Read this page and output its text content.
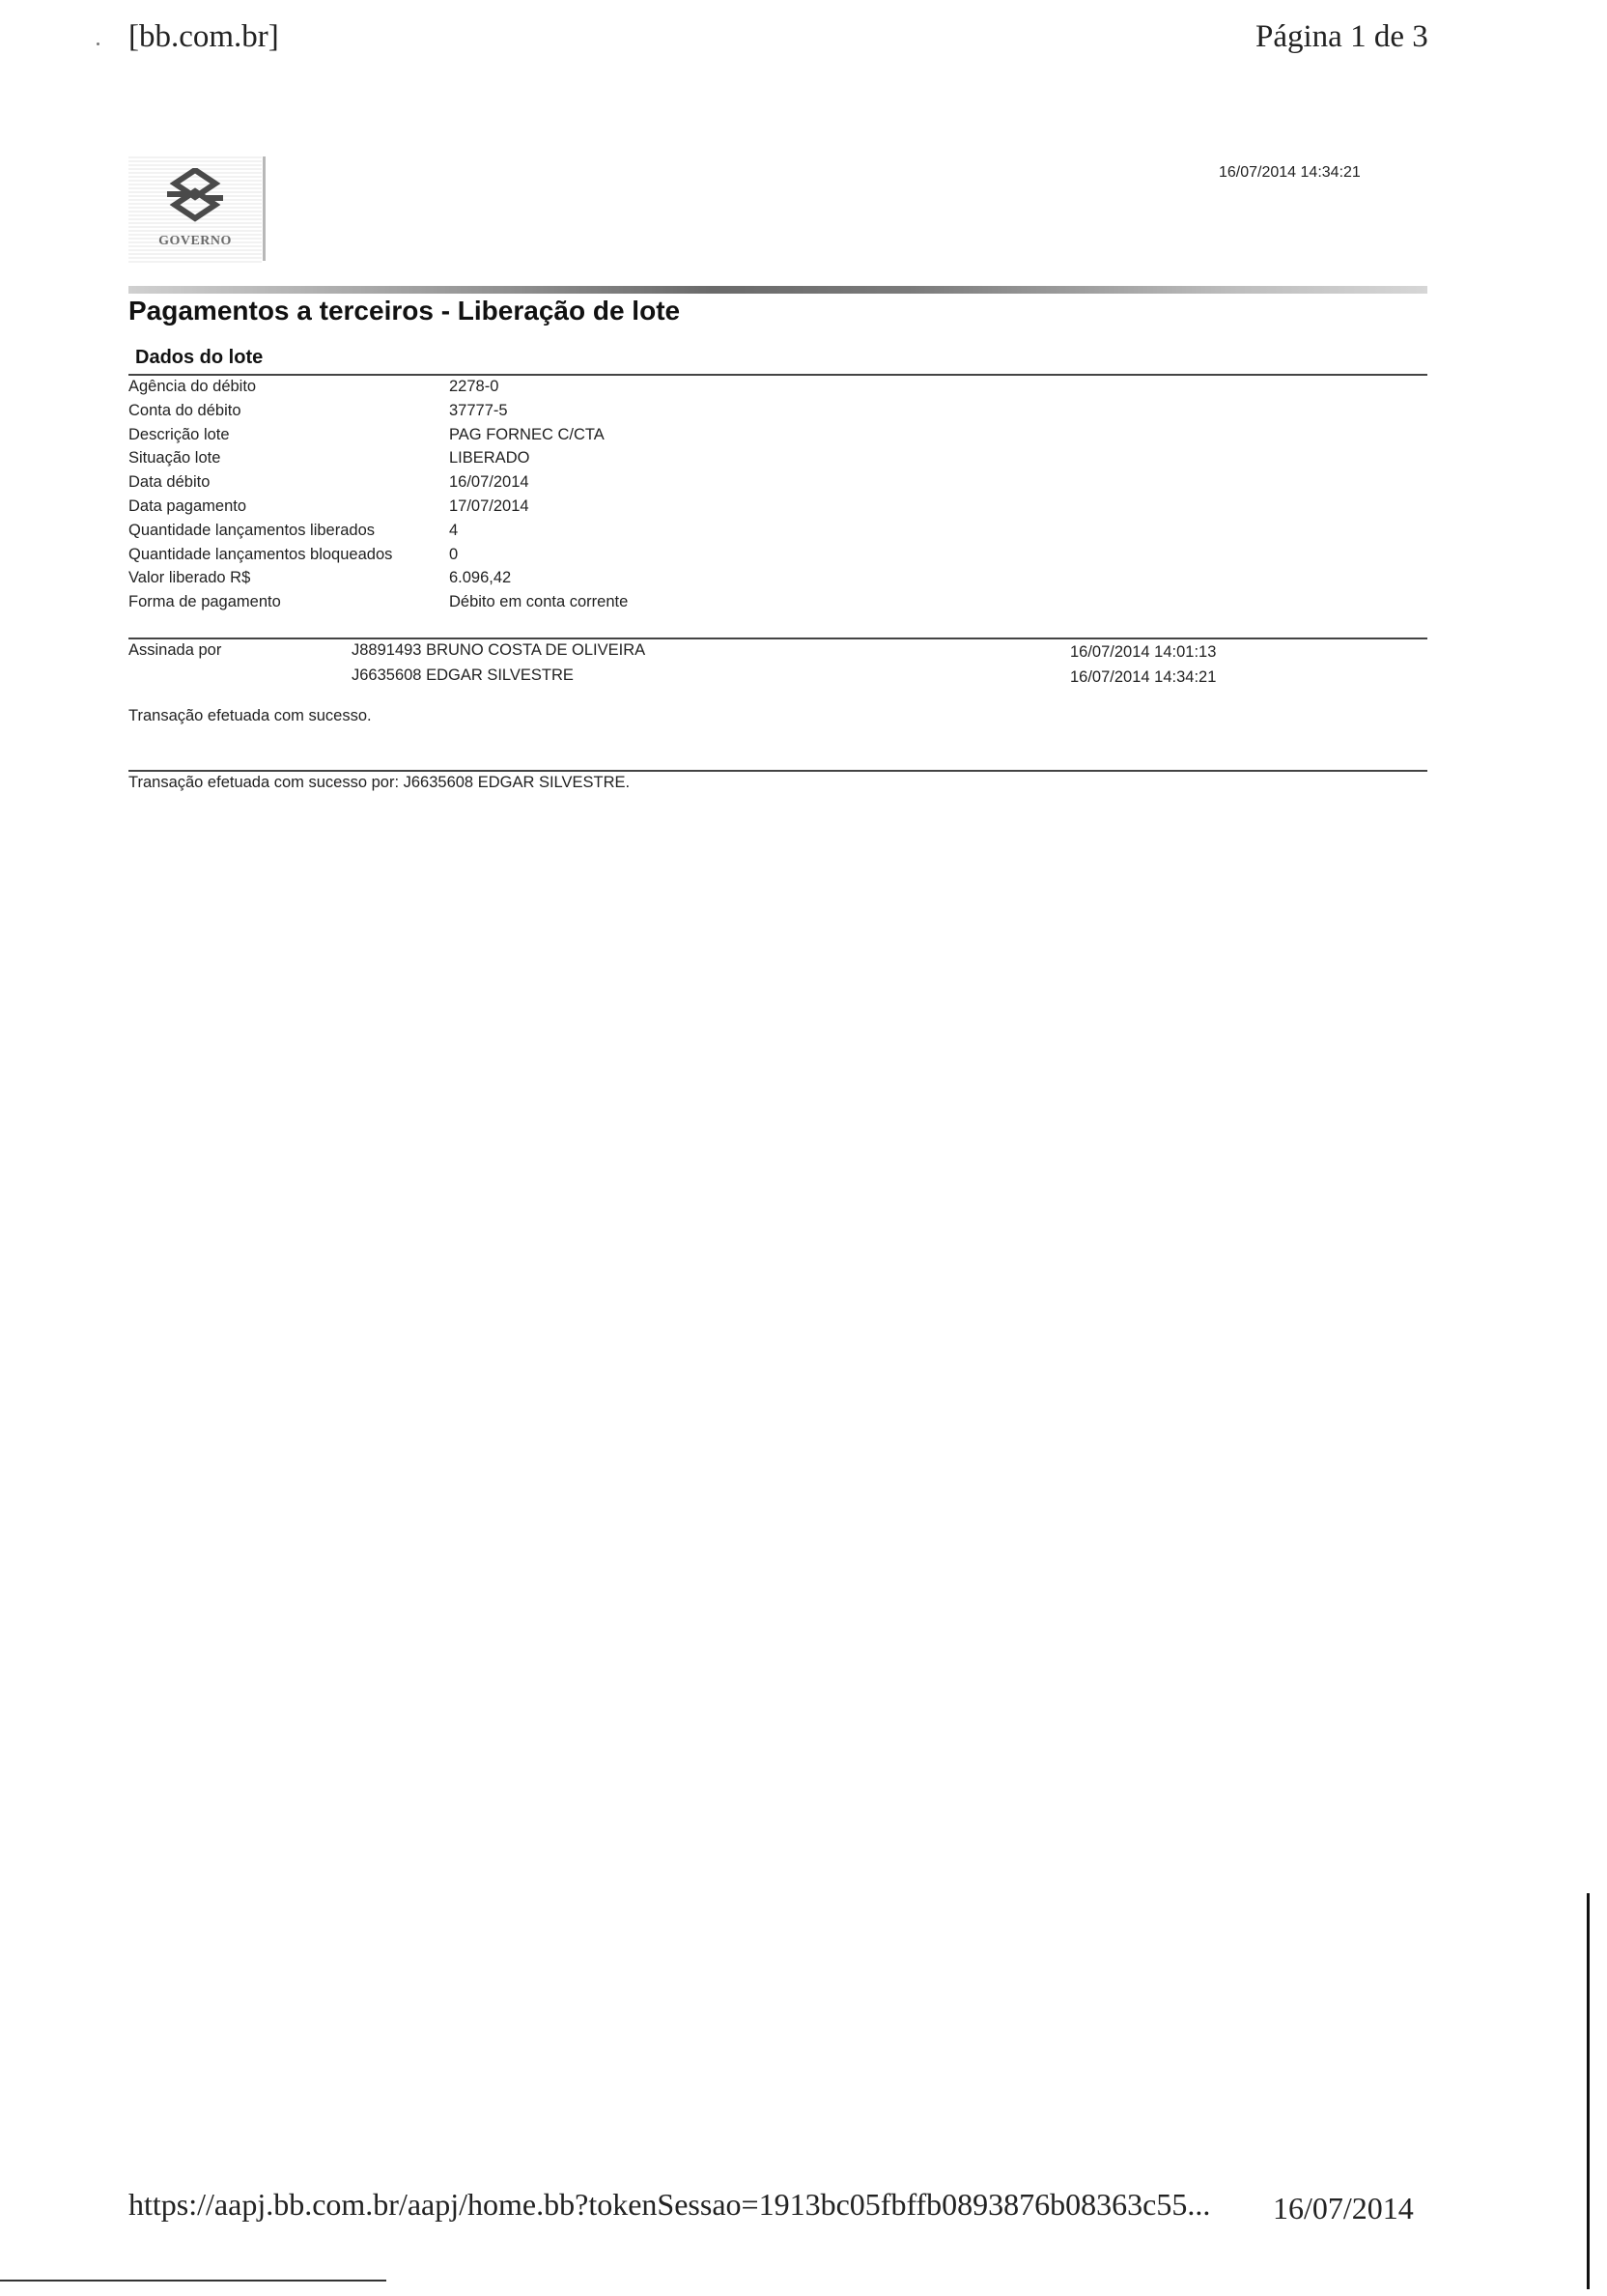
[bb.com.br]	Página 1 de 3
GOVERNO
16/07/2014 14:34:21
Pagamentos a terceiros - Liberação de lote
Dados do lote
Agência do débito	2278-0
Conta do débito	37777-5
Descrição lote	PAG FORNEC C/CTA
Situação lote	LIBERADO
Data débito	16/07/2014
Data pagamento	17/07/2014
Quantidade lançamentos liberados	4
Quantidade lançamentos bloqueados	0
Valor liberado R$	6.096,42
Forma de pagamento	Débito em conta corrente
Assinada por	J8891493 BRUNO COSTA DE OLIVEIRA	16/07/2014 14:01:13
J6635608 EDGAR SILVESTRE	16/07/2014 14:34:21
Transação efetuada com sucesso.
Transação efetuada com sucesso por: J6635608 EDGAR SILVESTRE.
https://aapj.bb.com.br/aapj/home.bb?tokenSessao=1913bc05fbffb0893876b08363c55... 16/07/2014
